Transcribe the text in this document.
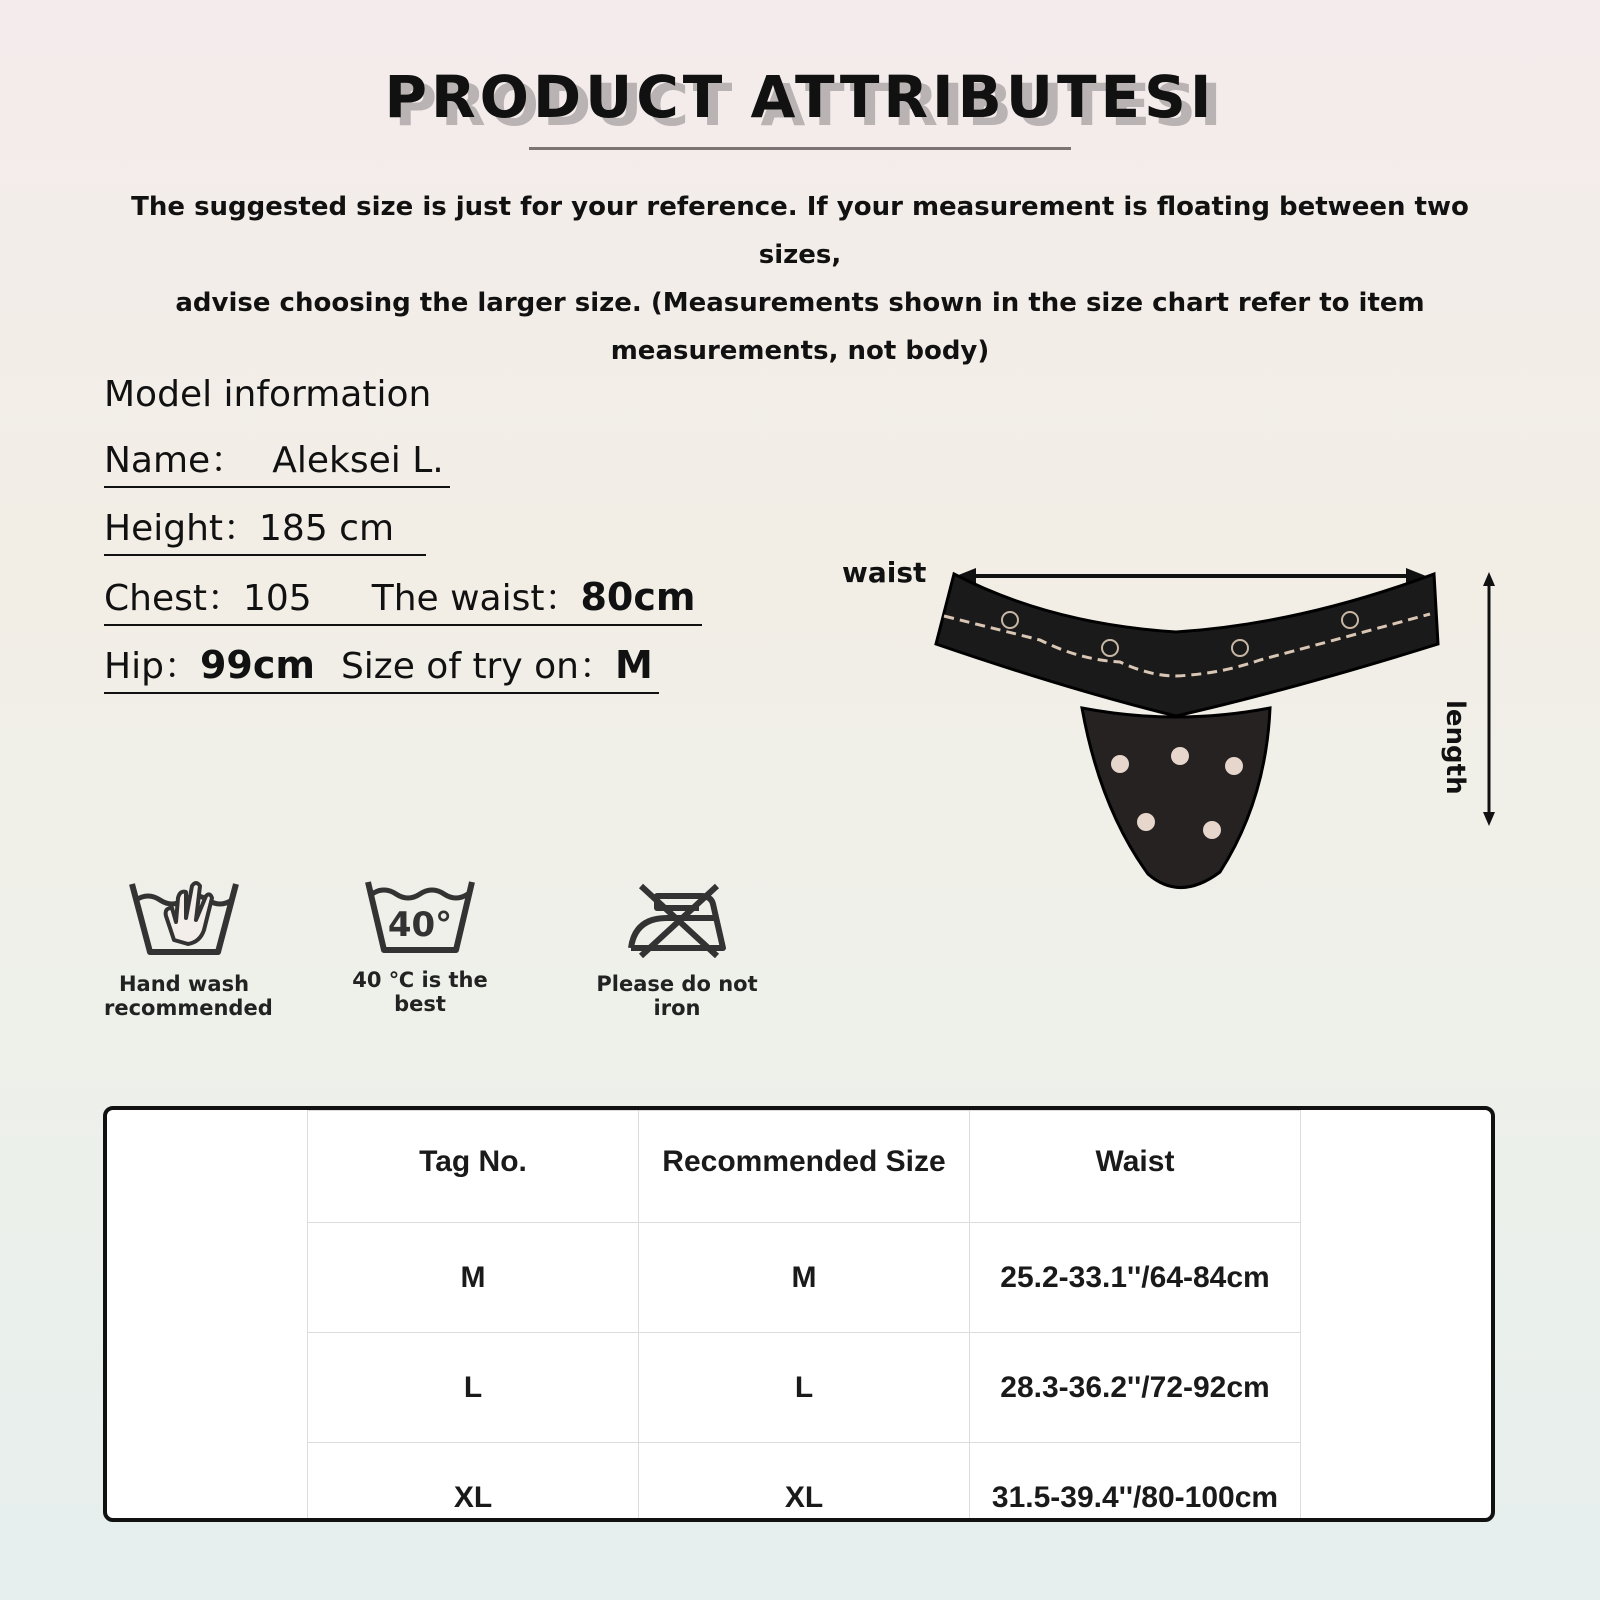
PRODUCT ATTRIBUTESI
The suggested size is just for your reference. If your measurement is floating between two sizes,
advise choosing the larger size. (Measurements shown in the size chart refer to item
measurements, not body)
Model information
Name： Aleksei L.
Height：185 cm
Chest：105 The waist：80cm
Hip：99cm Size of try on：M
Hand wash
recommended
40°
40 ℃ is the best
Please do not iron
waist
length
Tag No.	Recommended Size	Waist
M	M	25.2-33.1''/64-84cm
L	L	28.3-36.2''/72-92cm
XL	XL	31.5-39.4''/80-100cm
